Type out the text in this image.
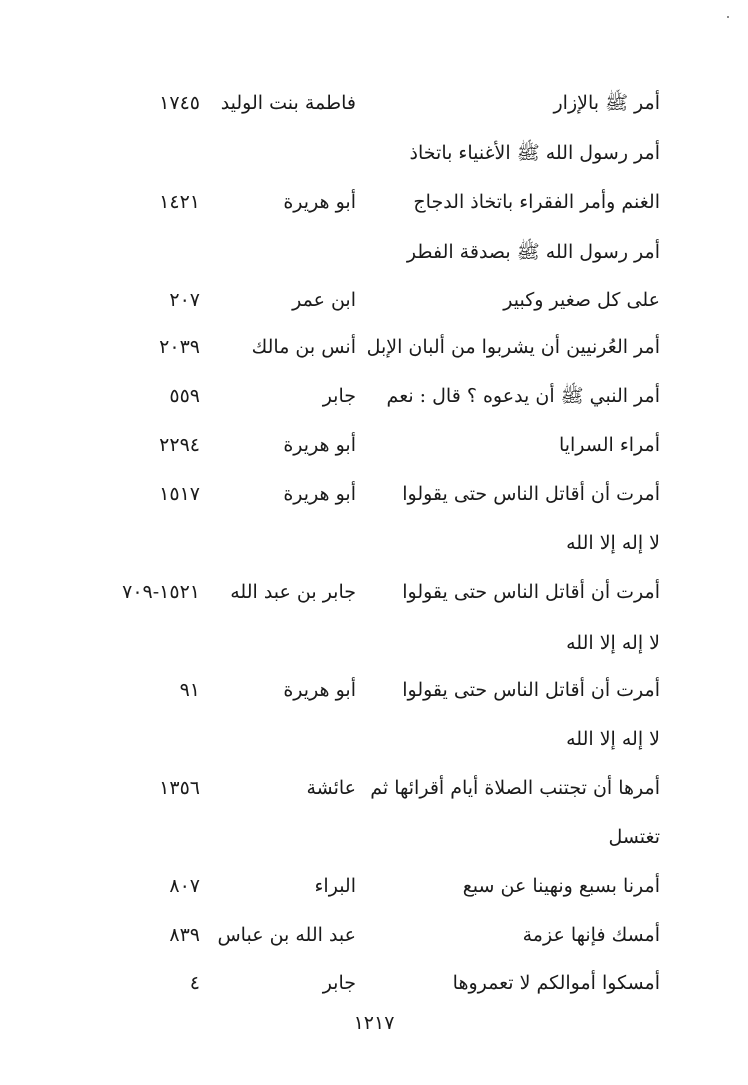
أمر ﷺ بالإزار
فاطمة بنت الوليد
١٧٤٥
أمر رسول الله ﷺ الأغنياء باتخاذ
الغنم وأمر الفقراء باتخاذ الدجاج
أبو هريرة
١٤٢١
أمر رسول الله ﷺ بصدقة الفطر
على كل صغير وكبير
ابن عمر
٢٠٧
أمر العُرنيين أن يشربوا من ألبان الإبل
أنس بن مالك
٢٠٣٩
أمر النبي ﷺ أن يدعوه ؟ قال : نعم
جابر
٥٥٩
أمراء السرايا
أبو هريرة
٢٢٩٤
أمرت أن أقاتل الناس حتى يقولوا
أبو هريرة
١٥١٧
لا إله إلا الله
أمرت أن أقاتل الناس حتى يقولوا
جابر بن عبد الله
١٥٢١-٧٠٩
لا إله إلا الله
أمرت أن أقاتل الناس حتى يقولوا
أبو هريرة
٩١
لا إله إلا الله
أمرها أن تجتنب الصلاة أيام أقرائها ثم
عائشة
١٣٥٦
تغتسل
أمرنا بسبع ونهينا عن سبع
البراء
٨٠٧
أمسك فإنها عزمة
عبد الله بن عباس
٨٣٩
أمسكوا أموالكم لا تعمروها
جابر
٤
١٢١٧
